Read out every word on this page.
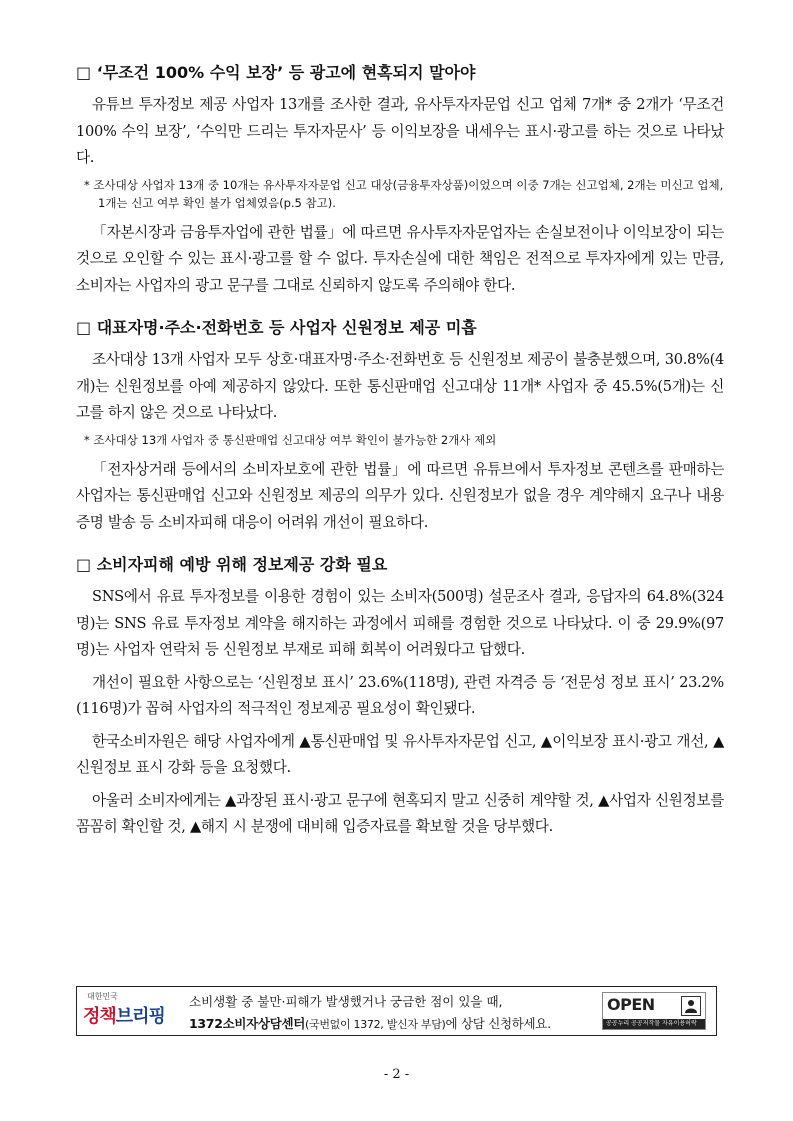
□ ‘무조건 100% 수익 보장’ 등 광고에 현혹되지 말아야

유튜브 투자정보 제공 사업자 13개를 조사한 결과, 유사투자자문업 신고 업체 7개* 중 2개가 ‘무조건 100% 수익 보장’, ‘수익만 드리는 투자자문사’ 등 이익보장을 내세우는 표시·광고를 하는 것으로 나타났다.

* 조사대상 사업자 13개 중 10개는 유사투자자문업 신고 대상(금융투자상품)이었으며 이중 7개는 신고업체, 2개는 미신고 업체, 1개는 신고 여부 확인 불가 업체였음(p.5 참고).

「자본시장과 금융투자업에 관한 법률」에 따르면 유사투자자문업자는 손실보전이나 이익보장이 되는 것으로 오인할 수 있는 표시·광고를 할 수 없다. 투자손실에 대한 책임은 전적으로 투자자에게 있는 만큼, 소비자는 사업자의 광고 문구를 그대로 신뢰하지 않도록 주의해야 한다.

□ 대표자명·주소·전화번호 등 사업자 신원정보 제공 미흡

조사대상 13개 사업자 모두 상호·대표자명·주소·전화번호 등 신원정보 제공이 불충분했으며, 30.8%(4개)는 신원정보를 아예 제공하지 않았다. 또한 통신판매업 신고대상 11개* 사업자 중 45.5%(5개)는 신고를 하지 않은 것으로 나타났다.

* 조사대상 13개 사업자 중 통신판매업 신고대상 여부 확인이 불가능한 2개사 제외

「전자상거래 등에서의 소비자보호에 관한 법률」에 따르면 유튜브에서 투자정보 콘텐츠를 판매하는 사업자는 통신판매업 신고와 신원정보 제공의 의무가 있다. 신원정보가 없을 경우 계약해지 요구나 내용증명 발송 등 소비자피해 대응이 어려워 개선이 필요하다.

□ 소비자피해 예방 위해 정보제공 강화 필요

SNS에서 유료 투자정보를 이용한 경험이 있는 소비자(500명) 설문조사 결과, 응답자의 64.8%(324명)는 SNS 유료 투자정보 계약을 해지하는 과정에서 피해를 경험한 것으로 나타났다. 이 중 29.9%(97명)는 사업자 연락처 등 신원정보 부재로 피해 회복이 어려웠다고 답했다.

개선이 필요한 사항으로는 ‘신원정보 표시’ 23.6%(118명), 관련 자격증 등 ‘전문성 정보 표시’ 23.2%(116명)가 꼽혀 사업자의 적극적인 정보제공 필요성이 확인됐다.

한국소비자원은 해당 사업자에게 ▲통신판매업 및 유사투자자문업 신고, ▲이익보장 표시·광고 개선, ▲신원정보 표시 강화 등을 요청했다.

아울러 소비자에게는 ▲과장된 표시·광고 문구에 현혹되지 말고 신중히 계약할 것, ▲사업자 신원정보를 꼼꼼히 확인할 것, ▲해지 시 분쟁에 대비해 입증자료를 확보할 것을 당부했다.

대한민국
정책브리핑
소비생활 중 불만·피해가 발생했거나 궁금한 점이 있을 때,
1372소비자상담센터(국번없이 1372, 발신자 부담)에 상담 신청하세요.
OPEN
공공누리 공공저작물 자유이용허락
- 2 -
